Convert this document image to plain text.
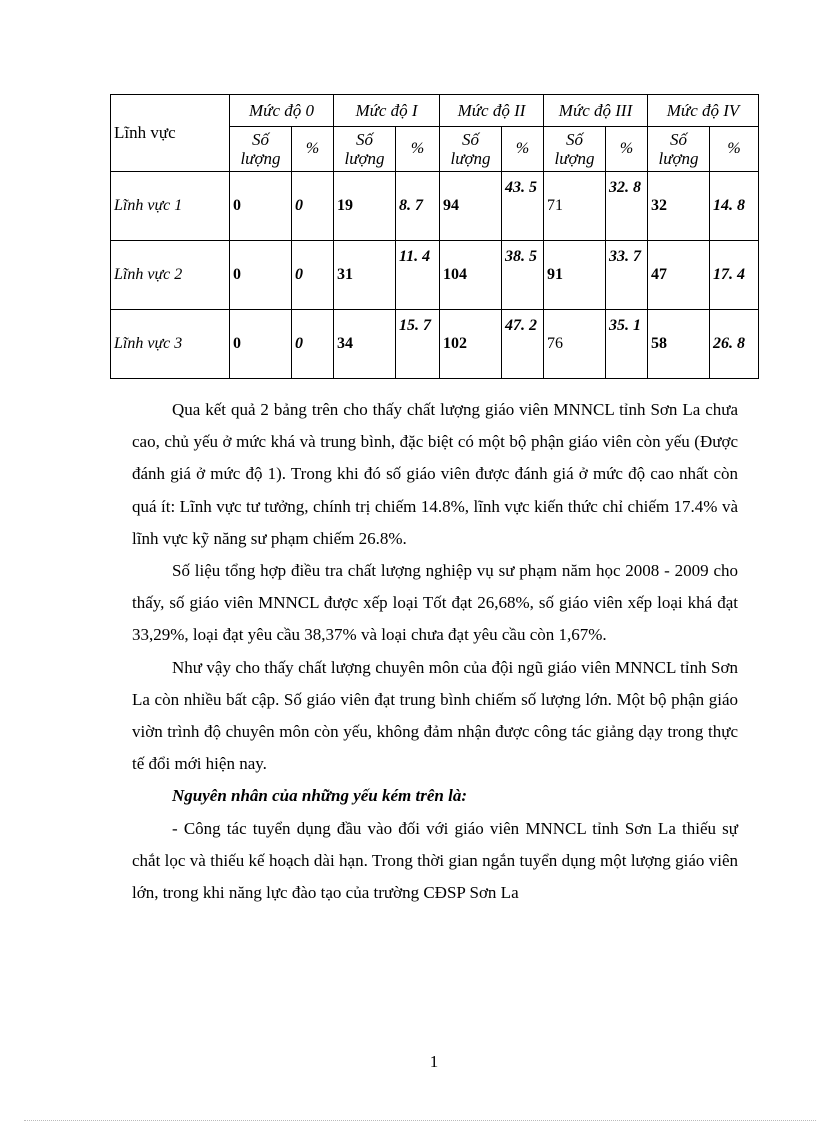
Lĩnh vực	Mức độ 0		Mức độ I		Mức độ II		Mức độ III		Mức độ IV	
	Số lượng	%	Số lượng	%	Số lượng	%	Số lượng	%	Số lượng	%
Lĩnh vực 1	0	0	19	8. 7	94	43. 5	71	32. 8	32	14. 8
Lĩnh vực 2	0	0	31	11. 4	104	38. 5	91	33. 7	47	17. 4
Lĩnh vực 3	0	0	34	15. 7	102	47. 2	76	35. 1	58	26. 8

Qua kết quả 2 bảng trên cho thấy chất lượng giáo viên MNNCL tỉnh Sơn La chưa cao, chủ yếu ở mức khá và trung bình, đặc biệt có một bộ phận giáo viên còn yếu (Được đánh giá ở mức độ 1). Trong khi đó số giáo viên được đánh giá ở mức độ cao nhất còn quá ít: Lĩnh vực tư tưởng, chính trị chiếm 14.8%, lĩnh vực kiến thức chỉ chiếm 17.4% và lĩnh vực kỹ năng sư phạm chiếm 26.8%.

Số liệu tổng hợp điều tra chất lượng nghiệp vụ sư phạm năm học 2008 - 2009 cho thấy, số giáo viên MNNCL được xếp loại Tốt đạt 26,68%, số giáo viên xếp loại khá đạt 33,29%, loại đạt yêu cầu 38,37% và loại chưa đạt yêu cầu còn 1,67%.

Như vậy cho thấy chất lượng chuyên môn của đội ngũ giáo viên MNNCL tỉnh Sơn La còn nhiều bất cập. Số giáo viên đạt trung bình chiếm số lượng lớn. Một bộ phận giáo viờn trình độ chuyên môn còn yếu, không đảm nhận được công tác giảng dạy trong thực tế đổi mới hiện nay.

Nguyên nhân của những yếu kém trên là:

- Công tác tuyển dụng đầu vào đối với giáo viên MNNCL tỉnh Sơn La thiếu sự chắt lọc và thiếu kế hoạch dài hạn. Trong thời gian ngắn tuyển dụng một lượng giáo viên lớn, trong khi năng lực đào tạo của trường CĐSP Sơn La

1
